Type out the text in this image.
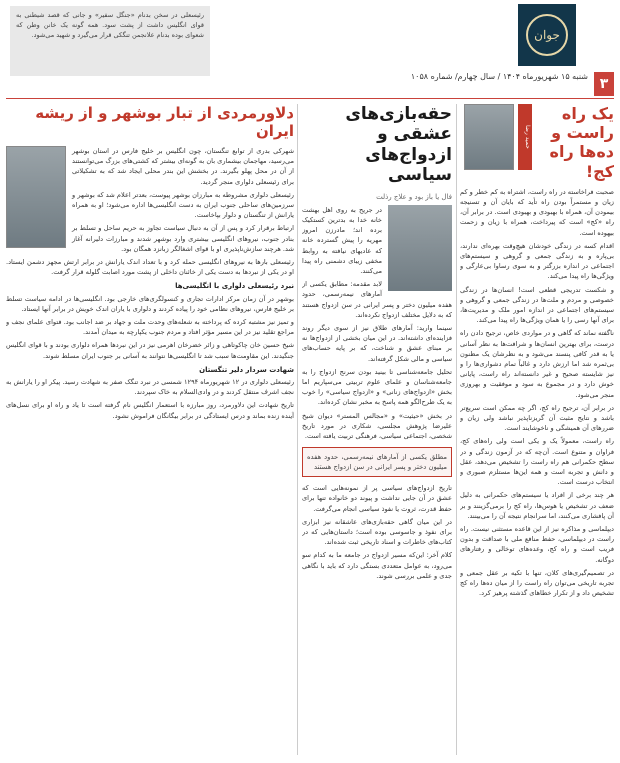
۳
شنبه ۱۵ شهریورماه ۱۴۰۴ / سال چهارم/ شماره ۱۰۵۸
جوان
رئیسعلی در سخن بدنام «جنگل سفیر» و جانی که قصد شیطنی به قوای انگلیس داشت از پشت سود. همه گونه یک خانن وطن که شعوای بوده بدنام علانجمن تنگکی قرار می‌گیرد و شهید می‌شود.
حمید رضا
یک راه راست و ده‌ها راه کج!

صحبت فراخاسته در راه راست، اشتراه به کم خطر و کم زیان و مستمراً بودن راه تأید که بایان آن و تسنیجه بیمودن آن، همراه با بهبودی و بهبودی است. در برابر آن، راه «کج» است که پیرداخت، همراه با زیان و زحمت بیهوده است.

اقدام کسه در زندگی خودشان هیچ‌وقت بهره‌ای ندارند، بی‌پاره و به زندگی جمعی و گروهی و سیستم‌های اجتماعی در اندازه بزرگتر و به سوی رساوا بی‌عارگی و ویژگی‌ها راه پیدا می‌کند.

و شکست تدریجی قطعی است! انسان‌ها در زندگی خصوصی و مردم و ملت‌ها در زندگی جمعی و گروهی و سیستم‌های اجتماعی در اندازه امور ملک و مدیریت‌ها، برای آنها رسی را یا همان ویژگی‌ها راه پیدا می‌کند.

ناگفته نماند که گاهی و در مواردی خاص، ترجیح دادن راه درست، برای بهترین انسان‌ها و شرافت‌ها به نظر آسانی یا به قدر کافی پنسند می‌شود و به نظرشان یک مظنون بی‌ثمره شد اما ارزش دارد و غالباً تمام دشواری‌ها را و نیز شایسته صحیح و غیر دانسته‌اند راه راست، پایانی خوش دارد و در مجموع به سود و موفقیت و بهروزی منجر می‌شود.

در برابر آن، ترجیح راه کج، اگر چه ممکن است سریع‌تر باشد و نتایج مثبت آن گریزناپذیر نباشد ولی زیان و ضررهای آن همیشگی و ناخوشایند است.

راه راست، معمولاً یک و یکی است ولی راه‌های کج، فراوان و متنوع است. آن‌چه که در آزمون زندگی و در سطح حکمرانی هم راه راست را تشخیص می‌دهد، عقل و دانش و تجربه است و همه این‌ها مستلزم صبوری و انتخاب درست است.

هر چند برخی از افراد یا سیستم‌های حکمرانی به دلیل ضعف در تشخیص یا هوس‌ها، راه کج را برمی‌گزینند و بر آن پافشاری می‌کنند، اما سرانجام نتیجه آن را می‌بینند.

دیپلماسی و مذاکره نیز از این قاعده مستثنی نیست. راه راست در دیپلماسی، حفظ منافع ملی با صداقت و بدون فریب است و راه کج، وعده‌های توخالی و رفتارهای دوگانه.

در تصمیم‌گیری‌های کلان، تنها با تکیه بر عقل جمعی و تجربه تاریخی می‌توان راه راست را از میان ده‌ها راه کج تشخیص داد و از تکرار خطاهای گذشته پرهیز کرد.

حقه‌بازی‌های عشقی و ازدواج‌های سیاسی
فال یا باز بود و علاج رذلت

در جریح به روی اهل بهشت خانه خدا به بدترین کستکیک برده اند؛ مادرزن امروز مهریه را پیش گسترده خانه که عادیهای نیافته به روابط مخفی زیبای دشمنی راه پیدا می‌کنند.

لابد مقدمه: مطابق یکسی از آمارهای نیمه‌رسمی، حدود هفده میلیون دختر و پسر ایرانی در سن ازدواج هستند که به دلایل مختلف ازدواج نکرده‌اند.

سینما وارید: آمارهای طلاق نیز از سوی دیگر روند فزاینده‌ای داشته‌اند. در این میان بخشی از ازدواج‌ها نه بر مبنای عشق و شناخت، که بر پایه حساب‌های سیاسی و مالی شکل گرفته‌اند.

تحلیل جامعه‌شناسی تا بینید بودن سرنج ازدواج را به جامعه‌شناسان و علمای علوم تربیتی می‌سپاریم اما بخش «ازدواج‌های زنانی» و «ازدواج سیاسی» را خوب به یک طرح‌الگو همه پاسخ به مخبر نشان کرده‌اند.

در بخش «حیثیت» و «مجالس المستر» دیوان شیخ علیرضا پژوهش مجلسی، شکاری در مورد تاریخ شخصی، اجتماعی سیاسی، فرهنگی تربیت یافته است.

مطلق یکسی از آمارهای نیمه‌رسمی، حدود هفده میلیون دختر و پسر ایرانی در سن ازدواج هستند

تاریخ ازدواج‌های سیاسی پر از نمونه‌هایی است که عشق در آن جایی نداشت و پیوند دو خانواده تنها برای حفظ قدرت، ثروت یا نفوذ سیاسی انجام می‌گرفت.

در این میان گاهی حقه‌بازی‌های عاشقانه نیز ابزاری برای نفوذ و جاسوسی بوده است؛ داستان‌هایی که در کتاب‌های خاطرات و اسناد تاریخی ثبت شده‌اند.

کلام آخر: این‌که مسیر ازدواج در جامعه ما به کدام سو می‌رود، به عوامل متعددی بستگی دارد که باید با نگاهی جدی و علمی بررسی شوند.

دلاورمردی از تبار بوشهر و از ریشه ایران

شهرکی بدری از توابع تنگستان، چون انگلیس بر خلیج فارس در استان بوشهر می‌رسید، مهاجمان بیشماری بان به گونه‌ای بیشتر که کشتی‌های بزرگ می‌توانستند از آن در محل پهلو بگیرند. در بخشش این بندر محلی ایجاد شد که به تشکیلاتی برای رئیسعلی دلواری منجر گردید.

رئیسعلی دلواری مشروطه به مبارزان بوشهر پیوست، بعدتر اعلام شد که بوشهر و سرزمین‌های ساحلی جنوب ایران به دست انگلیسی‌ها اداره می‌شود؛ او به همراه یارانش از تنگستان و دلوار بپاخاست.

ارتباط برقرار کرد و پس از آن به دنبال سیاست تجاوز به حریم ساحل و تسلط بر بنادر جنوب، نیروهای انگلیسی بیشتری وارد بوشهر شدند و مبارزات دلیرانه آغاز شد. هرچند سازش‌ناپذیری او با قوای اشغالگر زبانزد همگان بود.

رئیسعلی بارها به نیروهای انگلیسی حمله کرد و با تعداد اندک یارانش در برابر ارتش مجهز دشمن ایستاد. او در یکی از نبردها به دست یکی از خائنان داخلی از پشت مورد اصابت گلوله قرار گرفت.

نبرد رئیسعلی دلواری با انگلیسی‌ها

بوشهر در آن زمان مرکز ادارات تجاری و کنسولگری‌های خارجی بود. انگلیسی‌ها در ادامه سیاست تسلط بر خلیج فارس، نیروهای نظامی خود را پیاده کردند و دلواری با یاران اندک خویش در برابر آنها ایستاد.

و تمیز نیز مشتبه کرده که پرداخته به شعله‌های وحدت ملت و جهاد بر ضد اجانب بود. فتوای علمای نجف و مراجع تقلید نیز در این مسیر مؤثر افتاد و مردم جنوب یکپارچه به میدان آمدند.

شیخ حسین خان چاکوتاهی و زائر خضرخان اهرمی نیز در این نبردها همراه دلواری بودند و با قوای انگلیس جنگیدند. این مقاومت‌ها سبب شد تا انگلیسی‌ها نتوانند به آسانی بر جنوب ایران مسلط شوند.

شهادت سردار دلیر تنگستان

رئیسعلی دلواری در ۱۲ شهریورماه ۱۲۹۴ شمسی در نبرد تنگک صفر به شهادت رسید. پیکر او را یارانش به نجف اشرف منتقل کردند و در وادی‌السلام به خاک سپردند.

تاریخ شهادت این دلاورمرد، روز مبارزه با استعمار انگلیس نام گرفته است تا یاد و راه او برای نسل‌های آینده زنده بماند و درس ایستادگی در برابر بیگانگان فراموش نشود.
